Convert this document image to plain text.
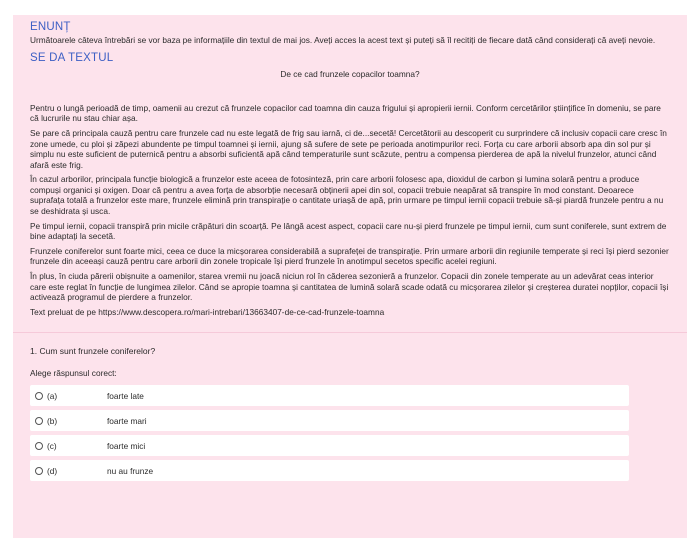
ENUNȚ
Următoarele câteva întrebări se vor baza pe informațiile din textul de mai jos. Aveți acces la acest text și puteți să îl recitiți de fiecare dată când considerați că aveți nevoie.
SE DA TEXTUL
De ce cad frunzele copacilor toamna?

Pentru o lungă perioadă de timp, oamenii au crezut că frunzele copacilor cad toamna din cauza frigului și apropierii iernii. Conform cercetărilor științifice în domeniu, se pare că lucrurile nu stau chiar așa.

Se pare că principala cauză pentru care frunzele cad nu este legată de frig sau iarnă, ci de...secetă! Cercetătorii au descoperit cu surprindere că inclusiv copacii care cresc în zone umede, cu ploi și zăpezi abundente pe timpul toamnei și iernii, ajung să sufere de sete pe perioada anotimpurilor reci. Forța cu care arborii absorb apa din sol pur și simplu nu este suficient de puternică pentru a absorbi suficientă apă când temperaturile sunt scăzute, pentru a compensa pierderea de apă la nivelul frunzelor, atunci când afară este frig.

În cazul arborilor, principala funcție biologică a frunzelor este aceea de fotosinteză, prin care arborii folosesc apa, dioxidul de carbon și lumina solară pentru a produce compuși organici și oxigen. Doar că pentru a avea forța de absorbție necesară obținerii apei din sol, copacii trebuie neapărat să transpire în mod constant. Deoarece suprafața totală a frunzelor este mare, frunzele elimină prin transpirație o cantitate uriașă de apă, prin urmare pe timpul iernii copacii trebuie să-și piardă frunzele pentru a nu se deshidrata și usca.

Pe timpul iernii, copacii transpiră prin micile crăpături din scoarță. Pe lângă acest aspect, copacii care nu-și pierd frunzele pe timpul iernii, cum sunt coniferele, sunt extrem de bine adaptați la secetă.

Frunzele coniferelor sunt foarte mici, ceea ce duce la micșorarea considerabilă a suprafeței de transpirație. Prin urmare arborii din regiunile temperate și reci își pierd sezonier frunzele din aceeași cauză pentru care arborii din zonele tropicale își pierd frunzele în anotimpul secetos specific acelei regiuni.

În plus, în ciuda părerii obișnuite a oamenilor, starea vremii nu joacă niciun rol în căderea sezonieră a frunzelor. Copacii din zonele temperate au un adevărat ceas interior care este reglat în funcție de lungimea zilelor. Când se apropie toamna și cantitatea de lumină solară scade odată cu micșorarea zilelor și creșterea duratei nopților, copacii își activează programul de pierdere a frunzelor.

Text preluat de pe https://www.descopera.ro/mari-intrebari/13663407-de-ce-cad-frunzele-toamna

1. Cum sunt frunzele coniferelor?
Alege răspunsul corect:
(a)	foarte late
(b)	foarte mari
(c)	foarte mici
(d)	nu au frunze
